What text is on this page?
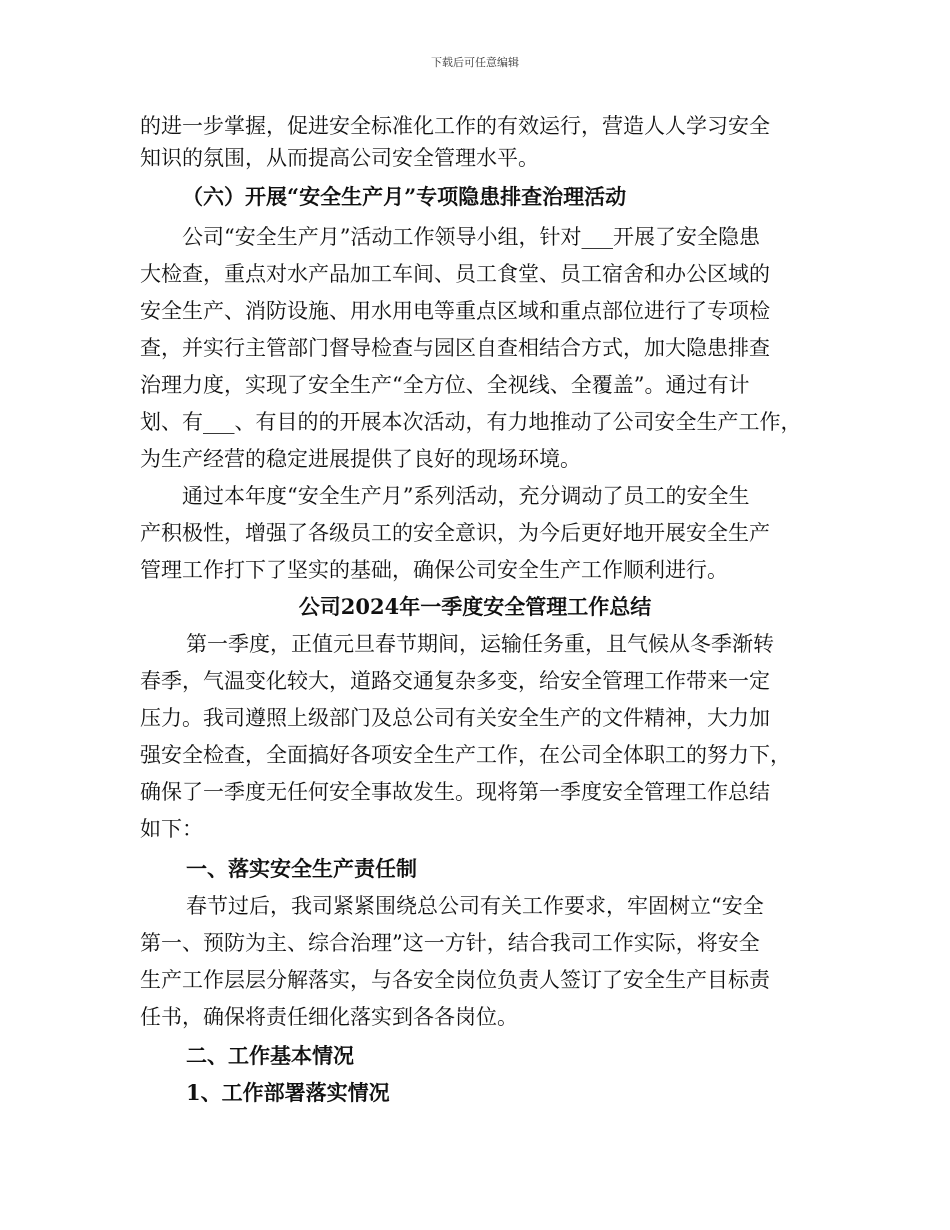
下载后可任意编辑
的进一步掌握，促进安全标准化工作的有效运行，营造人人学习安全
知识的氛围，从而提高公司安全管理水平。
（六）开展“安全生产月”专项隐患排查治理活动
公司“安全生产月”活动工作领导小组，针对___开展了安全隐患
大检查，重点对水产品加工车间、员工食堂、员工宿舍和办公区域的
安全生产、消防设施、用水用电等重点区域和重点部位进行了专项检
查，并实行主管部门督导检查与园区自查相结合方式，加大隐患排查
治理力度，实现了安全生产“全方位、全视线、全覆盖”。通过有计
划、有___、有目的的开展本次活动，有力地推动了公司安全生产工作，
为生产经营的稳定进展提供了良好的现场环境。
通过本年度“安全生产月”系列活动，充分调动了员工的安全生
产积极性，增强了各级员工的安全意识，为今后更好地开展安全生产
管理工作打下了坚实的基础，确保公司安全生产工作顺利进行。
公司2024年一季度安全管理工作总结
第一季度，正值元旦春节期间，运输任务重，且气候从冬季渐转
春季，气温变化较大，道路交通复杂多变，给安全管理工作带来一定
压力。我司遵照上级部门及总公司有关安全生产的文件精神，大力加
强安全检查，全面搞好各项安全生产工作，在公司全体职工的努力下，
确保了一季度无任何安全事故发生。现将第一季度安全管理工作总结
如下：
一、落实安全生产责任制
春节过后，我司紧紧围绕总公司有关工作要求，牢固树立“安全
第一、预防为主、综合治理”这一方针，结合我司工作实际，将安全
生产工作层层分解落实，与各安全岗位负责人签订了安全生产目标责
任书，确保将责任细化落实到各各岗位。
二、工作基本情况
1、工作部署落实情况
